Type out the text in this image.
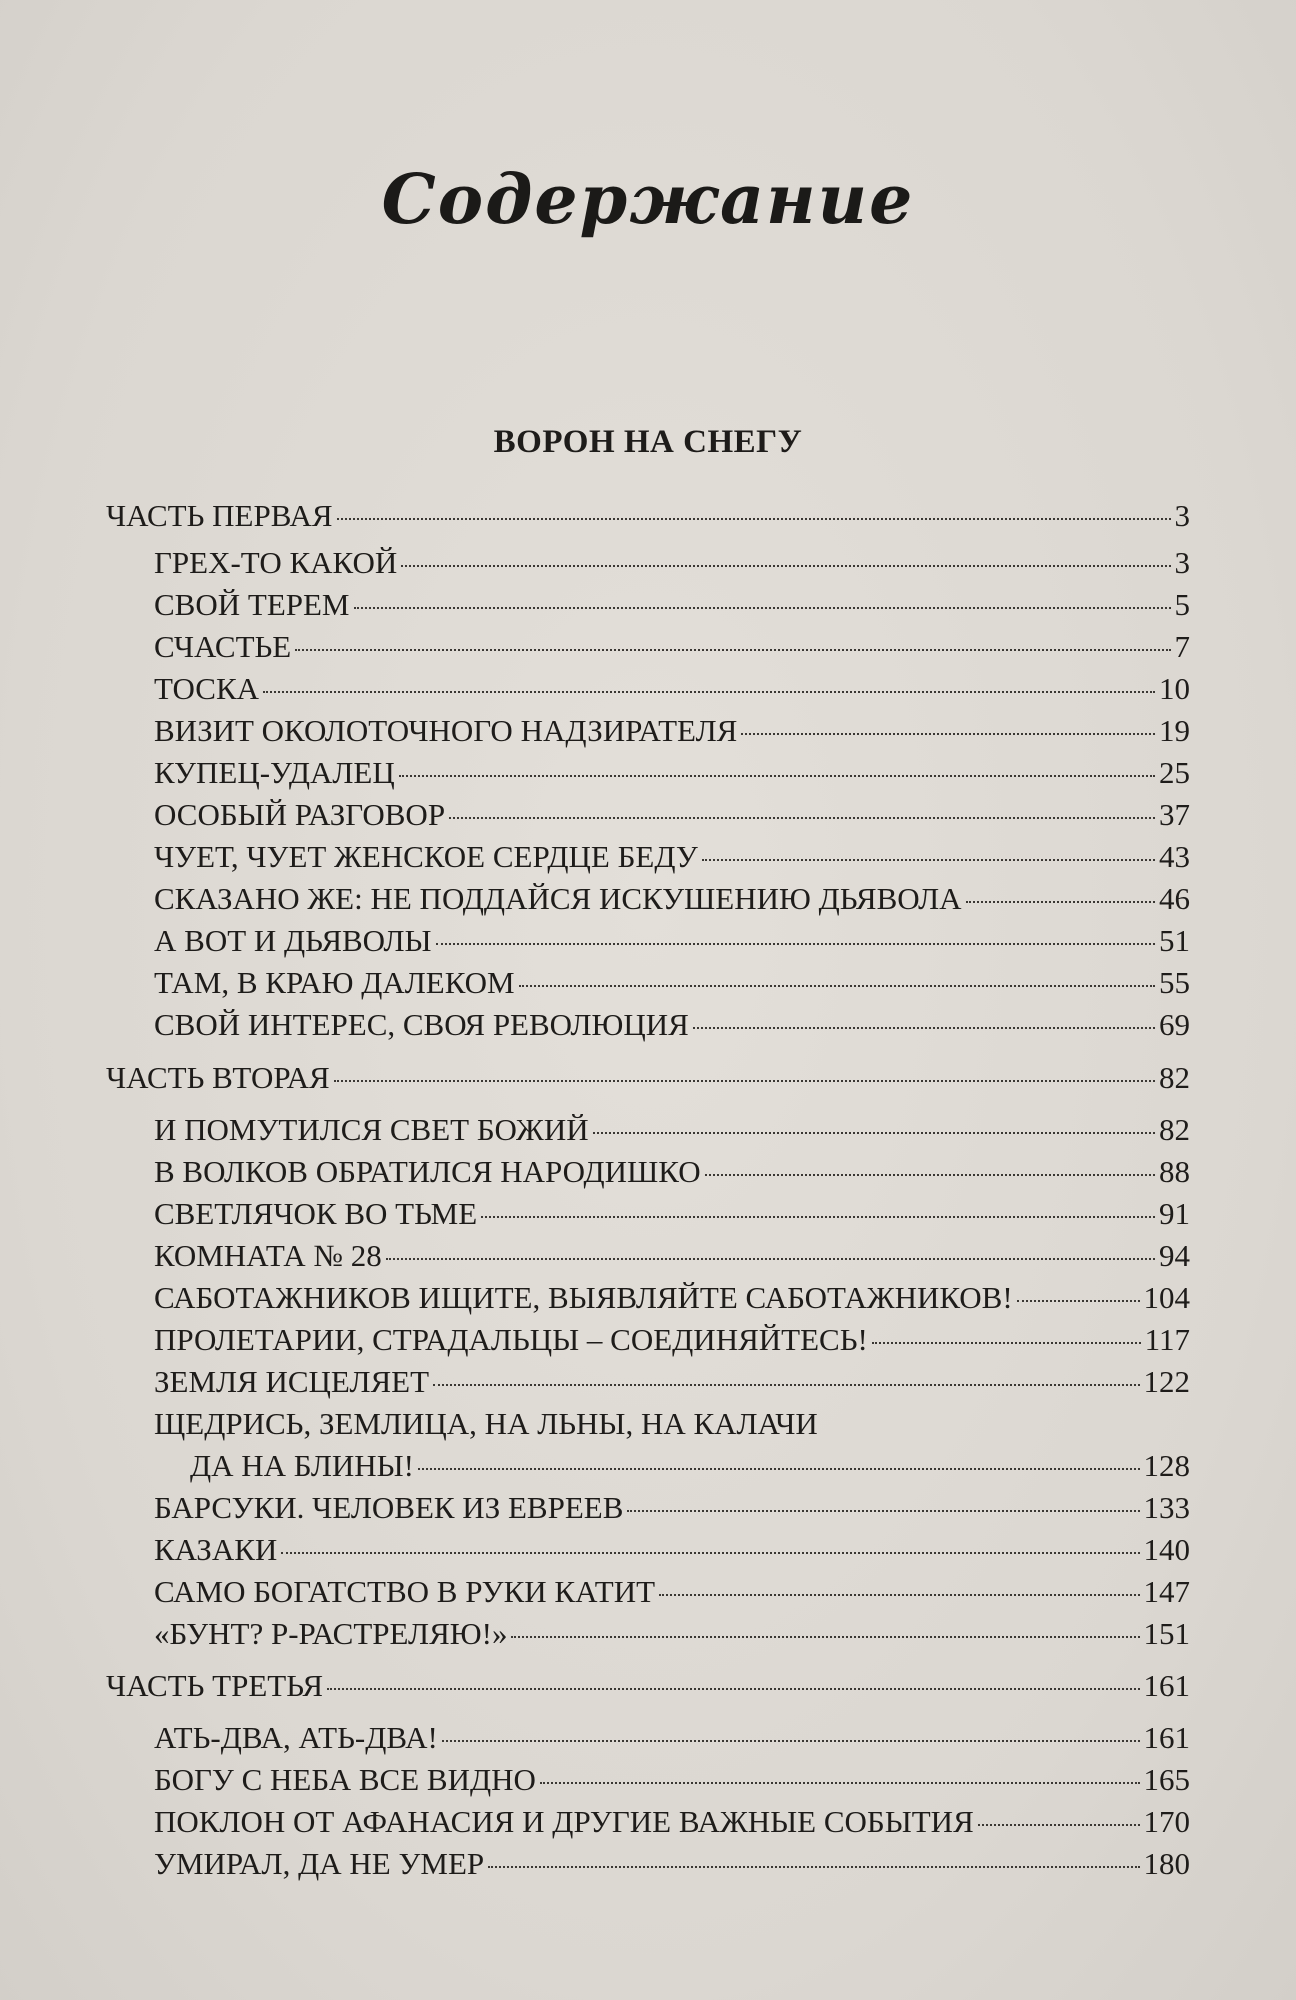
Содержание
ВОРОН НА СНЕГУ
ЧАСТЬ ПЕРВАЯ	3
ГРЕХ-ТО КАКОЙ	3
СВОЙ ТЕРЕМ	5
СЧАСТЬЕ	7
ТОСКА	10
ВИЗИТ ОКОЛОТОЧНОГО НАДЗИРАТЕЛЯ	19
КУПЕЦ-УДАЛЕЦ	25
ОСОБЫЙ РАЗГОВОР	37
ЧУЕТ, ЧУЕТ ЖЕНСКОЕ СЕРДЦЕ БЕДУ	43
СКАЗАНО ЖЕ: НЕ ПОДДАЙСЯ ИСКУШЕНИЮ ДЬЯВОЛА	46
А ВОТ И ДЬЯВОЛЫ	51
ТАМ, В КРАЮ ДАЛЕКОМ	55
СВОЙ ИНТЕРЕС, СВОЯ РЕВОЛЮЦИЯ	69
ЧАСТЬ ВТОРАЯ	82
И ПОМУТИЛСЯ СВЕТ БОЖИЙ	82
В ВОЛКОВ ОБРАТИЛСЯ НАРОДИШКО	88
СВЕТЛЯЧОК ВО ТЬМЕ	91
КОМНАТА № 28	94
САБОТАЖНИКОВ ИЩИТЕ, ВЫЯВЛЯЙТЕ САБОТАЖНИКОВ!	104
ПРОЛЕТАРИИ, СТРАДАЛЬЦЫ – СОЕДИНЯЙТЕСЬ!	117
ЗЕМЛЯ ИСЦЕЛЯЕТ	122
ЩЕДРИСЬ, ЗЕМЛИЦА, НА ЛЬНЫ, НА КАЛАЧИ
ДА НА БЛИНЫ!	128
БАРСУКИ. ЧЕЛОВЕК ИЗ ЕВРЕЕВ	133
КАЗАКИ	140
САМО БОГАТСТВО В РУКИ КАТИТ	147
«БУНТ? Р-РАСТРЕЛЯЮ!»	151
ЧАСТЬ ТРЕТЬЯ	161
АТЬ-ДВА, АТЬ-ДВА!	161
БОГУ С НЕБА ВСЕ ВИДНО	165
ПОКЛОН ОТ АФАНАСИЯ И ДРУГИЕ ВАЖНЫЕ СОБЫТИЯ	170
УМИРАЛ, ДА НЕ УМЕР	180
